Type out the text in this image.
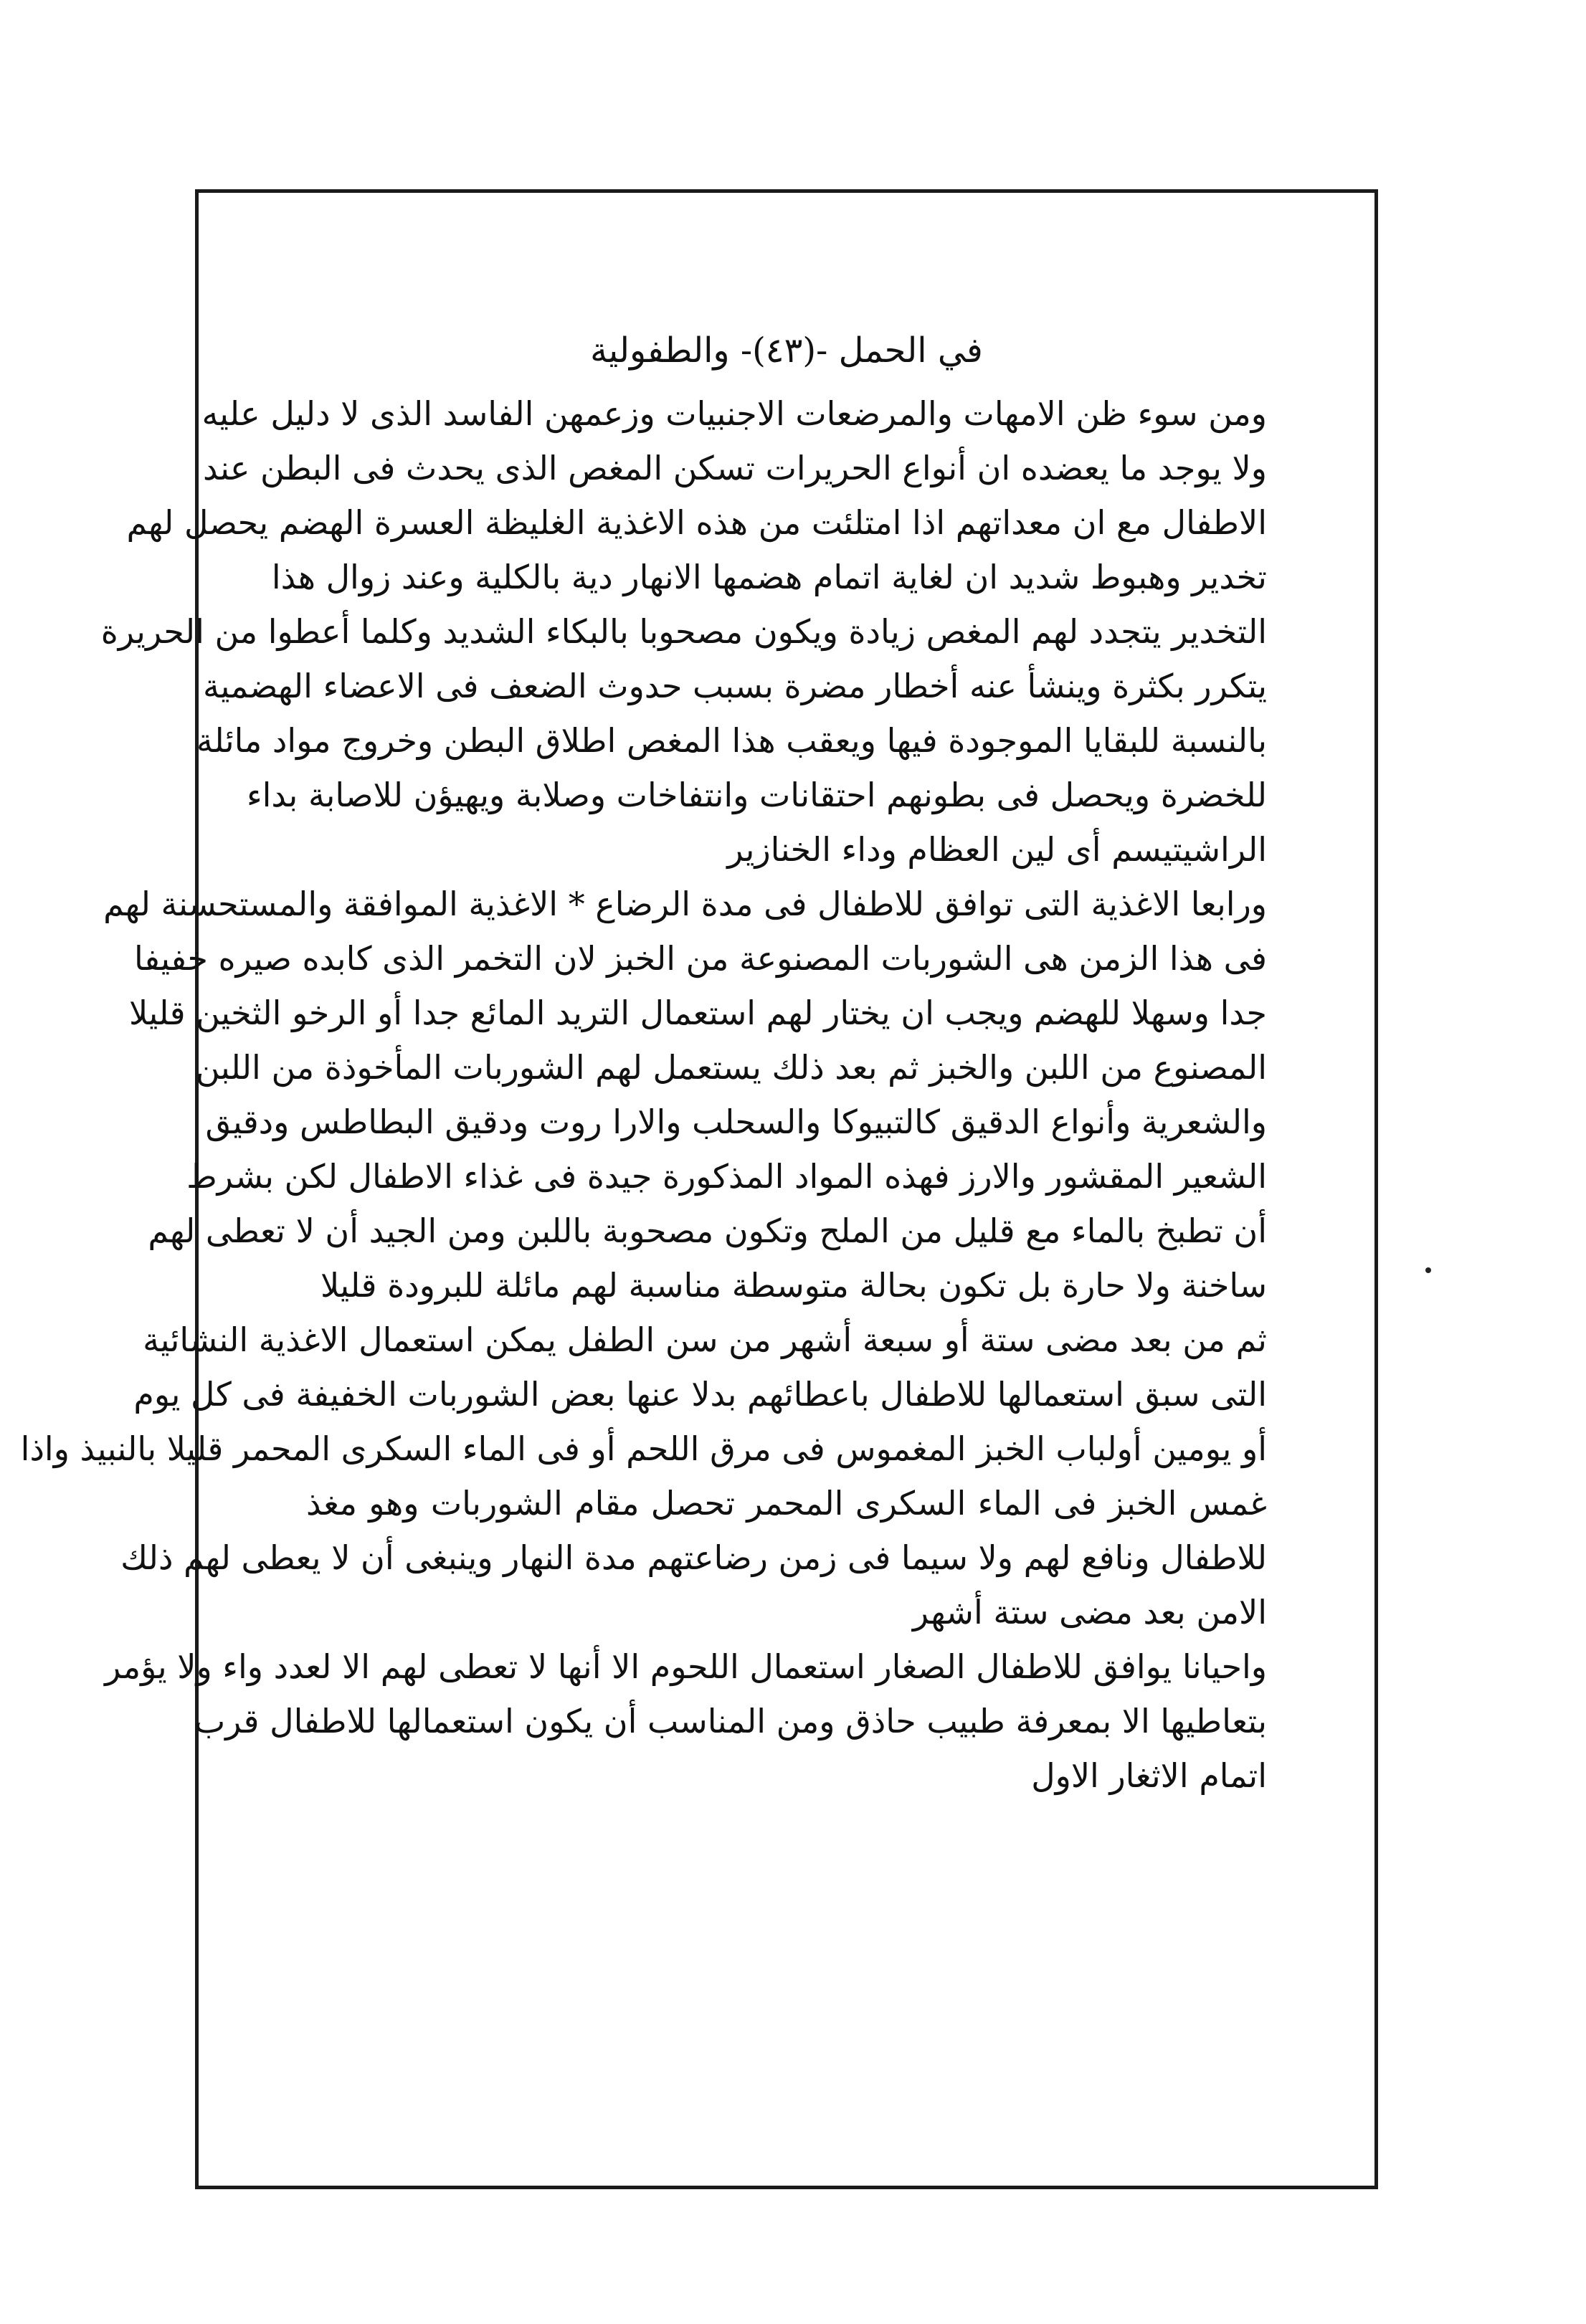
في الحمل -(٤٣)- والطفولية
ومن سوء ظن الامهات والمرضعات الاجنبيات وزعمهن الفاسد الذى لا دليل عليه
ولا يوجد ما يعضده ان أنواع الحريرات تسكن المغص الذى يحدث فى البطن عند
الاطفال مع ان معداتهم اذا امتلئت من هذه الاغذية الغليظة العسرة الهضم يحصل لهم
تخدير وهبوط شديد ان لغاية اتمام هضمها الانهار دية بالكلية وعند زوال هذا
التخدير يتجدد لهم المغص زيادة ويكون مصحوبا بالبكاء الشديد وكلما أعطوا من الحريرة
يتكرر بكثرة وينشأ عنه أخطار مضرة بسبب حدوث الضعف فى الاعضاء الهضمية
بالنسبة للبقايا الموجودة فيها ويعقب هذا المغص اطلاق البطن وخروج مواد مائلة
للخضرة ويحصل فى بطونهم احتقانات وانتفاخات وصلابة ويهيؤن للاصابة بداء
الراشيتيسم أى لين العظام وداء الخنازير
ورابعا الاغذية التى توافق للاطفال فى مدة الرضاع * الاغذية الموافقة والمستحسنة لهم
فى هذا الزمن هى الشوربات المصنوعة من الخبز لان التخمر الذى كابده صيره خفيفا
جدا وسهلا للهضم ويجب ان يختار لهم استعمال التريد المائع جدا أو الرخو الثخين قليلا
المصنوع من اللبن والخبز ثم بعد ذلك يستعمل لهم الشوربات المأخوذة من اللبن
والشعرية وأنواع الدقيق كالتبيوكا والسحلب والارا روت ودقيق البطاطس ودقيق
الشعير المقشور والارز فهذه المواد المذكورة جيدة فى غذاء الاطفال لكن بشرط
أن تطبخ بالماء مع قليل من الملح وتكون مصحوبة باللبن ومن الجيد أن لا تعطى لهم
ساخنة ولا حارة بل تكون بحالة متوسطة مناسبة لهم مائلة للبرودة قليلا
ثم من بعد مضى ستة أو سبعة أشهر من سن الطفل يمكن استعمال الاغذية النشائية
التى سبق استعمالها للاطفال باعطائهم بدلا عنها بعض الشوربات الخفيفة فى كل يوم
أو يومين أولباب الخبز المغموس فى مرق اللحم أو فى الماء السكرى المحمر قليلا بالنبيذ واذا
غمس الخبز فى الماء السكرى المحمر تحصل مقام الشوربات وهو مغذ
للاطفال ونافع لهم ولا سيما فى زمن رضاعتهم مدة النهار وينبغى أن لا يعطى لهم ذلك
الامن بعد مضى ستة أشهر
واحيانا يوافق للاطفال الصغار استعمال اللحوم الا أنها لا تعطى لهم الا لعدد واء ولا يؤمر
بتعاطيها الا بمعرفة طبيب حاذق ومن المناسب أن يكون استعمالها للاطفال قرب
اتمام الاثغار الاول
